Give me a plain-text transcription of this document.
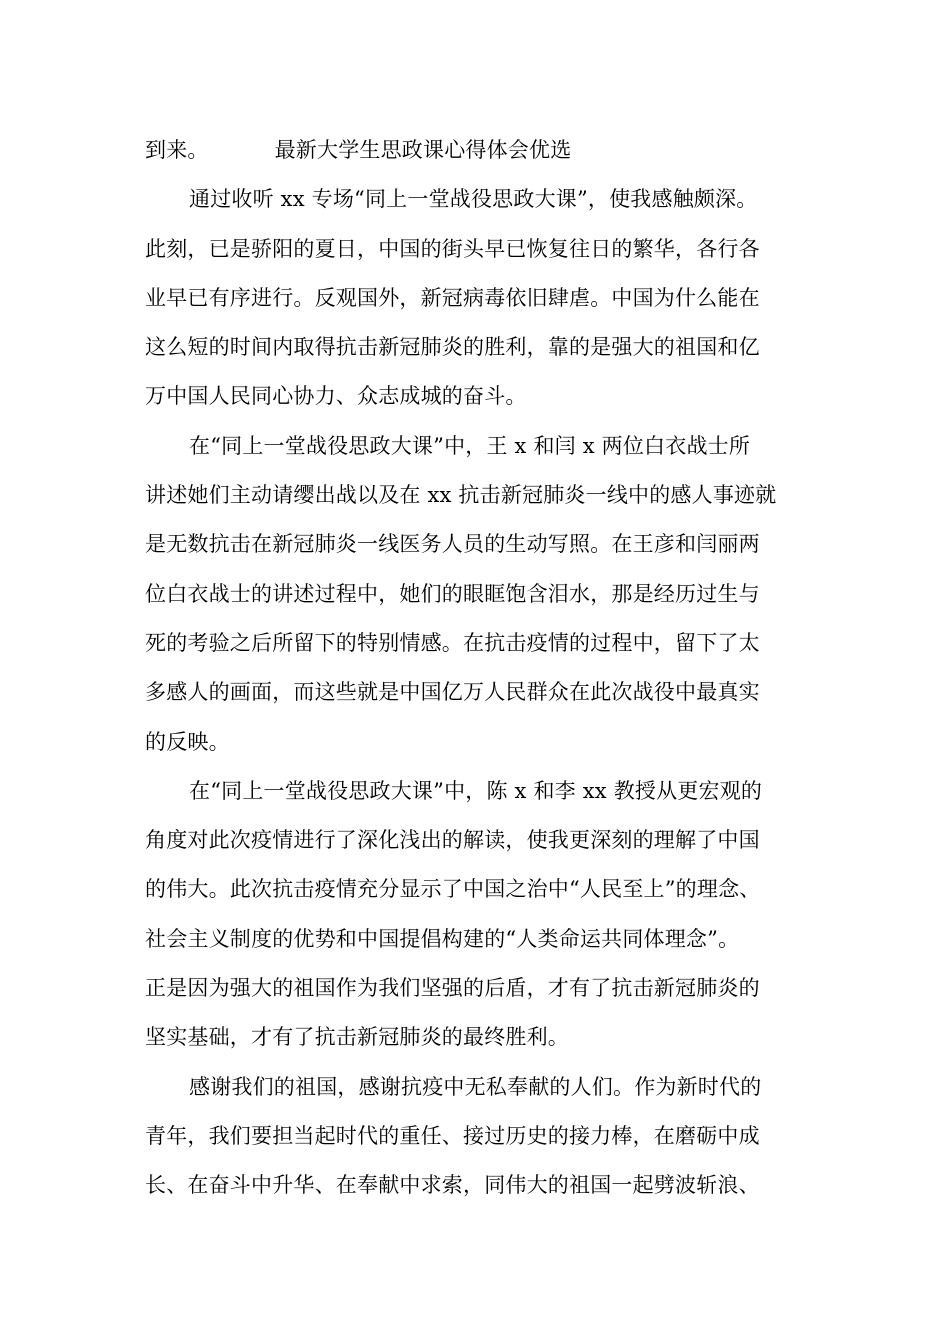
到来。	最新大学生思政课心得体会优选
通过收听 xx 专场“同上一堂战役思政大课”，使我感触颇深。
此刻，已是骄阳的夏日，中国的街头早已恢复往日的繁华，各行各
业早已有序进行。反观国外，新冠病毒依旧肆虐。中国为什么能在
这么短的时间内取得抗击新冠肺炎的胜利，靠的是强大的祖国和亿
万中国人民同心协力、众志成城的奋斗。
在“同上一堂战役思政大课”中，王 x 和闫 x 两位白衣战士所
讲述她们主动请缨出战以及在 xx 抗击新冠肺炎一线中的感人事迹就
是无数抗击在新冠肺炎一线医务人员的生动写照。在王彦和闫丽两
位白衣战士的讲述过程中，她们的眼眶饱含泪水，那是经历过生与
死的考验之后所留下的特别情感。在抗击疫情的过程中，留下了太
多感人的画面，而这些就是中国亿万人民群众在此次战役中最真实
的反映。
在“同上一堂战役思政大课”中，陈 x 和李 xx 教授从更宏观的
角度对此次疫情进行了深化浅出的解读，使我更深刻的理解了中国
的伟大。此次抗击疫情充分显示了中国之治中“人民至上”的理念、
社会主义制度的优势和中国提倡构建的“人类命运共同体理念”。
正是因为强大的祖国作为我们坚强的后盾，才有了抗击新冠肺炎的
坚实基础，才有了抗击新冠肺炎的最终胜利。
感谢我们的祖国，感谢抗疫中无私奉献的人们。作为新时代的
青年，我们要担当起时代的重任、接过历史的接力棒，在磨砺中成
长、在奋斗中升华、在奉献中求索，同伟大的祖国一起劈波斩浪、
